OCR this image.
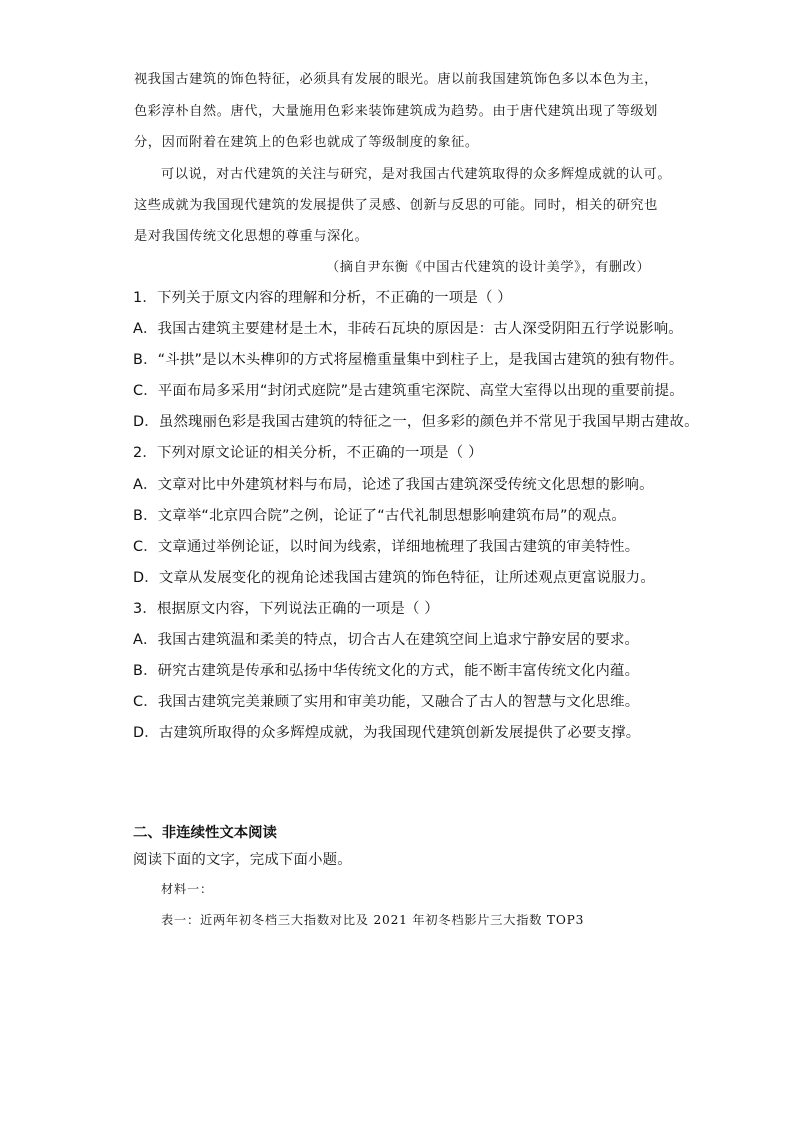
视我国古建筑的饰色特征，必须具有发展的眼光。唐以前我国建筑饰色多以本色为主，
色彩淳朴自然。唐代，大量施用色彩来装饰建筑成为趋势。由于唐代建筑出现了等级划
分，因而附着在建筑上的色彩也就成了等级制度的象征。
可以说，对古代建筑的关注与研究，是对我国古代建筑取得的众多辉煌成就的认可。
这些成就为我国现代建筑的发展提供了灵感、创新与反思的可能。同时，相关的研究也
是对我国传统文化思想的尊重与深化。
（摘自尹东衡《中国古代建筑的设计美学》，有删改）
1．下列关于原文内容的理解和分析，不正确的一项是（ ）
A．我国古建筑主要建材是土木，非砖石瓦块的原因是：古人深受阴阳五行学说影响。
B．“斗拱”是以木头榫卯的方式将屋檐重量集中到柱子上，是我国古建筑的独有物件。
C．平面布局多采用“封闭式庭院”是古建筑重宅深院、高堂大室得以出现的重要前提。
D．虽然瑰丽色彩是我国古建筑的特征之一，但多彩的颜色并不常见于我国早期古建故。
2．下列对原文论证的相关分析，不正确的一项是（ ）
A．文章对比中外建筑材料与布局，论述了我国古建筑深受传统文化思想的影响。
B．文章举“北京四合院”之例，论证了“古代礼制思想影响建筑布局”的观点。
C．文章通过举例论证，以时间为线索，详细地梳理了我国古建筑的审美特性。
D．文章从发展变化的视角论述我国古建筑的饰色特征，让所述观点更富说服力。
3．根据原文内容，下列说法正确的一项是（ ）
A．我国古建筑温和柔美的特点，切合古人在建筑空间上追求宁静安居的要求。
B．研究古建筑是传承和弘扬中华传统文化的方式，能不断丰富传统文化内蕴。
C．我国古建筑完美兼顾了实用和审美功能，又融合了古人的智慧与文化思维。
D．古建筑所取得的众多辉煌成就，为我国现代建筑创新发展提供了必要支撑。
二、非连续性文本阅读
阅读下面的文字，完成下面小题。
材料一：
表一：近两年初冬档三大指数对比及 2021 年初冬档影片三大指数 TOP3
